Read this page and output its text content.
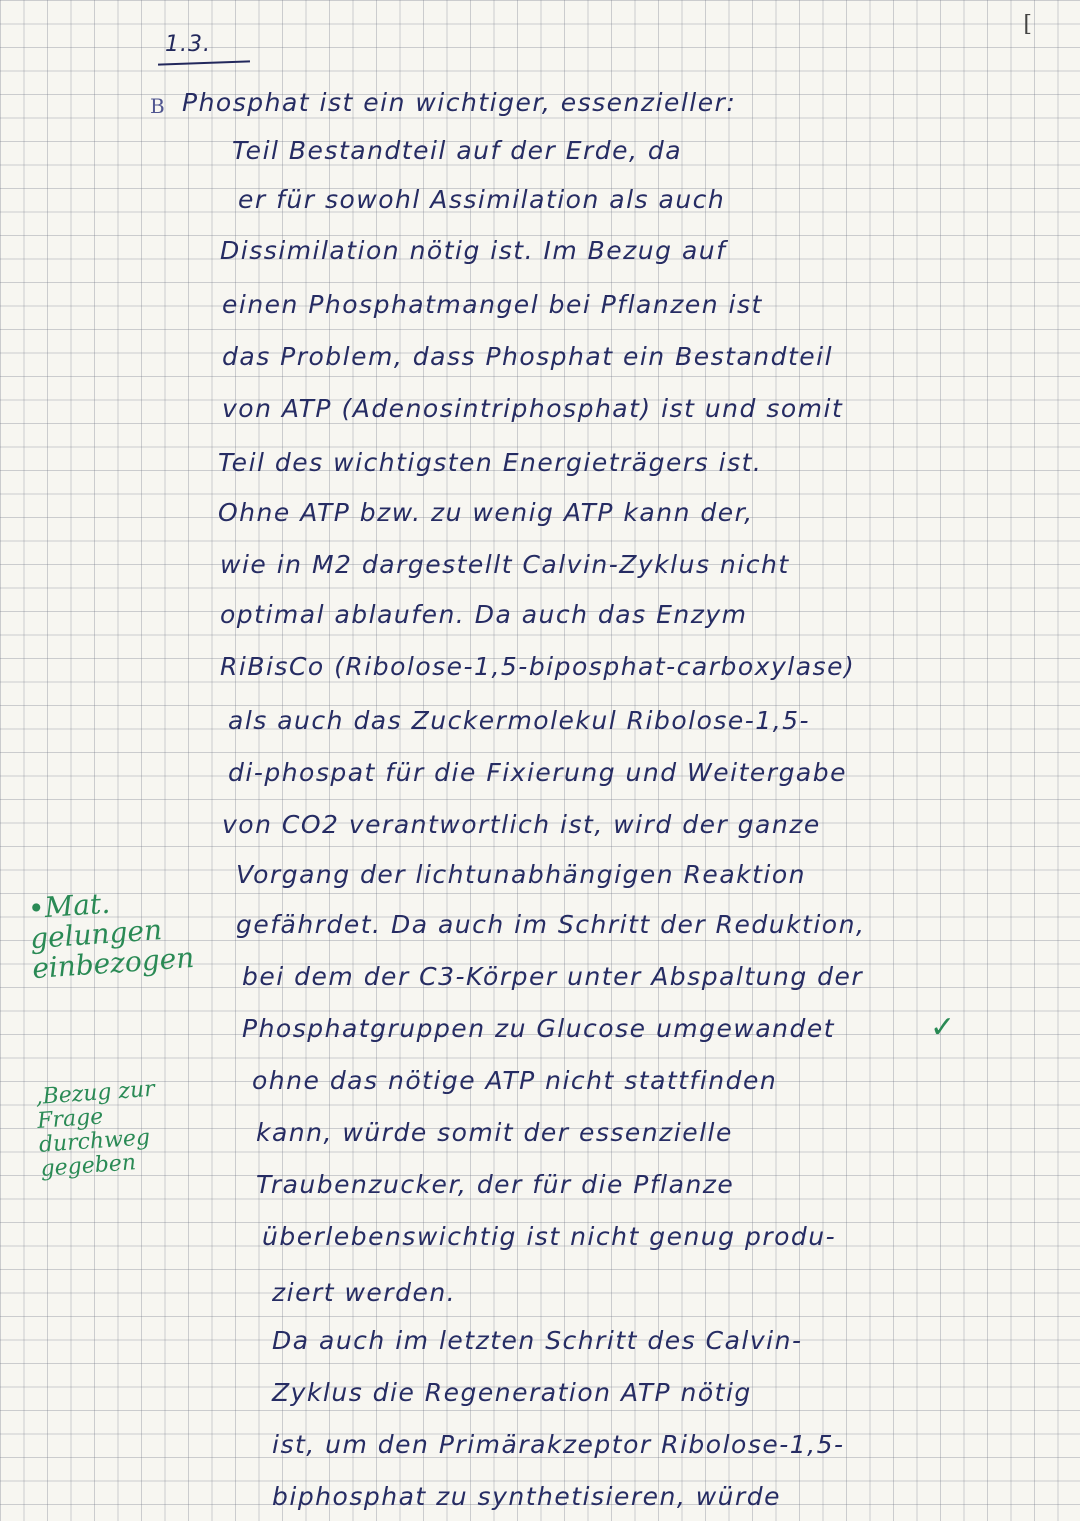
[
1.3.
B Phosphat ist ein wichtiger, essenzieller:
Teil Bestandteil auf der Erde, da
er für sowohl Assimilation als auch
Dissimilation nötig ist. Im Bezug auf
einen Phosphatmangel bei Pflanzen ist
das Problem, dass Phosphat ein Bestandteil
von ATP (Adenosintriphosphat) ist und somit
Teil des wichtigsten Energieträgers ist.
Ohne ATP bzw. zu wenig ATP kann der,
wie in M2 dargestellt Calvin-Zyklus nicht
optimal ablaufen. Da auch das Enzym
RiBisCo (Ribolose-1,5-biposphat-carboxylase)
als auch das Zuckermolekul Ribolose-1,5-
di-phospat für die Fixierung und Weitergabe
von CO2 verantwortlich ist, wird der ganze
Vorgang der lichtunabhängigen Reaktion
gefährdet. Da auch im Schritt der Reduktion,
bei dem der C3-Körper unter Abspaltung der
Phosphatgruppen zu Glucose umgewandet
ohne das nötige ATP nicht stattfinden
kann, würde somit der essenzielle
Traubenzucker, der für die Pflanze
überlebenswichtig ist nicht genug produ-
ziert werden.
Da auch im letzten Schritt des Calvin-
Zyklus die Regeneration ATP nötig
ist, um den Primärakzeptor Ribolose-1,5-
biphosphat zu synthetisieren, würde
✓
•Mat. gelungen einbezogen
,Bezug zur Frage durchweg gegeben
